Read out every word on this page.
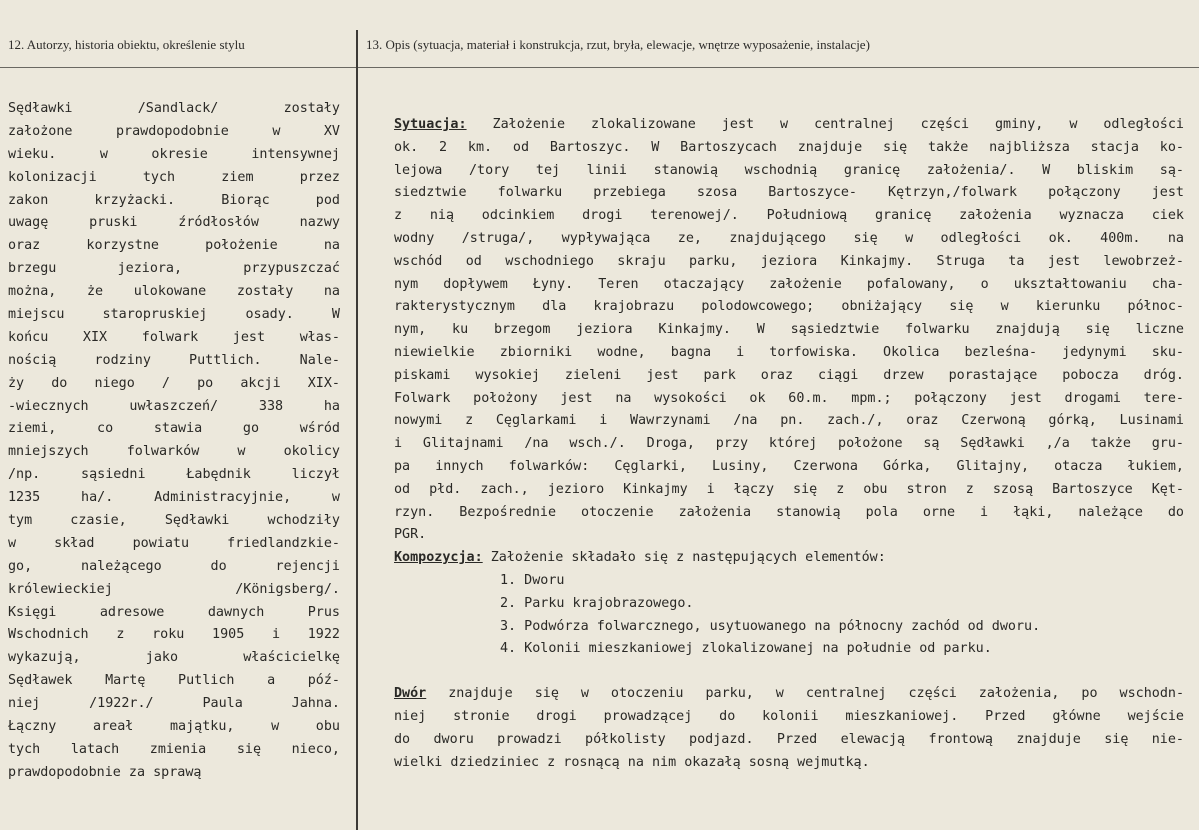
12. Autorzy, historia obiektu, określenie stylu	13. Opis (sytuacja, materiał i konstrukcja, rzut, bryła, elewacje, wnętrze wyposażenie, instalacje)
Sędławki /Sandlack/ zostały
założone prawdopodobnie w XV
wieku. w okresie intensywnej
kolonizacji tych ziem przez
zakon krzyżacki. Biorąc pod
uwagę pruski źródłosłów nazwy
oraz korzystne położenie na
brzegu jeziora, przypuszczać
można, że ulokowane zostały na
miejscu staropruskiej osady. W
końcu XIX folwark jest włas-
nością rodziny Puttlich. Nale-
ży do niego / po akcji XIX-
-wiecznych uwłaszczeń/ 338 ha
ziemi, co stawia go wśród
mniejszych folwarków w okolicy
/np. sąsiedni Łabędnik liczył
1235 ha/. Administracyjnie, w
tym czasie, Sędławki wchodziły
w skład powiatu friedlandzkie-
go, należącego do rejencji
królewieckiej /Königsberg/.
Księgi adresowe dawnych Prus
Wschodnich z roku 1905 i 1922
wykazują, jako właścicielkę
Sędławek Martę Putlich a póź-
niej /1922r./ Paula Jahna.
Łączny areał majątku, w obu
tych latach zmienia się nieco,
prawdopodobnie za sprawą
Sytuacja: Założenie zlokalizowane jest w centralnej części gminy, w odległości
ok. 2 km. od Bartoszyc. W Bartoszycach znajduje się także najbliższa stacja ko-
lejowa /tory tej linii stanowią wschodnią granicę założenia/. W bliskim są-
siedztwie folwarku przebiega szosa Bartoszyce- Kętrzyn,/folwark połączony jest
z nią odcinkiem drogi terenowej/. Południową granicę założenia wyznacza ciek
wodny /struga/, wypływająca ze, znajdującego się w odległości ok. 400m. na
wschód od wschodniego skraju parku, jeziora Kinkajmy. Struga ta jest lewobrzeż-
nym dopływem Łyny. Teren otaczający założenie pofalowany, o ukształtowaniu cha-
rakterystycznym dla krajobrazu polodowcowego; obniżający się w kierunku północ-
nym, ku brzegom jeziora Kinkajmy. W sąsiedztwie folwarku znajdują się liczne
niewielkie zbiorniki wodne, bagna i torfowiska. Okolica bezleśna- jedynymi sku-
piskami wysokiej zieleni jest park oraz ciągi drzew porastające pobocza dróg.
Folwark położony jest na wysokości ok 60.m. mpm.; połączony jest drogami tere-
nowymi z Cęglarkami i Wawrzynami /na pn. zach./, oraz Czerwoną górką, Lusinami
i Glitajnami /na wsch./. Droga, przy której położone są Sędławki ,/a także gru-
pa innych folwarków: Cęglarki, Lusiny, Czerwona Górka, Glitajny, otacza łukiem,
od płd. zach., jezioro Kinkajmy i łączy się z obu stron z szosą Bartoszyce Kęt-
rzyn. Bezpośrednie otoczenie założenia stanowią pola orne i łąki, należące do
PGR.
Kompozycja: Założenie składało się z następujących elementów:
1. Dworu
2. Parku krajobrazowego.
3. Podwórza folwarcznego, usytuowanego na północny zachód od dworu.
4. Kolonii mieszkaniowej zlokalizowanej na południe od parku.
Dwór znajduje się w otoczeniu parku, w centralnej części założenia, po wschodn-
niej stronie drogi prowadzącej do kolonii mieszkaniowej. Przed główne wejście
do dworu prowadzi półkolisty podjazd. Przed elewacją frontową znajduje się nie-
wielki dziedziniec z rosnącą na nim okazałą sosną wejmutką.
